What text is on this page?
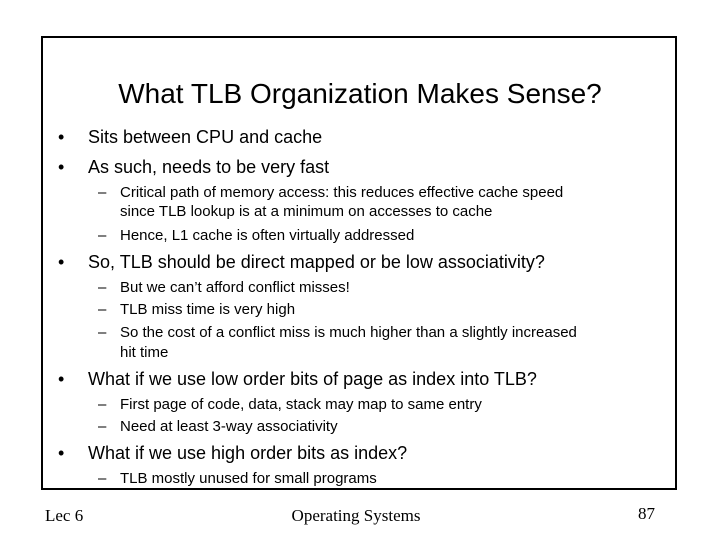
What TLB Organization Makes Sense?
• Sits between CPU and cache
• As such, needs to be very fast
– Critical path of memory access: this reduces effective cache speed
since TLB lookup is at a minimum on accesses to cache
– Hence, L1 cache is often virtually addressed
• So, TLB should be direct mapped or be low associativity?
– But we can’t afford conflict misses!
– TLB miss time is very high
– So the cost of a conflict miss is much higher than a slightly increased
hit time
• What if we use low order bits of page as index into TLB?
– First page of code, data, stack may map to same entry
– Need at least 3-way associativity
• What if we use high order bits as index?
– TLB mostly unused for small programs
Lec 6	Operating Systems	87
